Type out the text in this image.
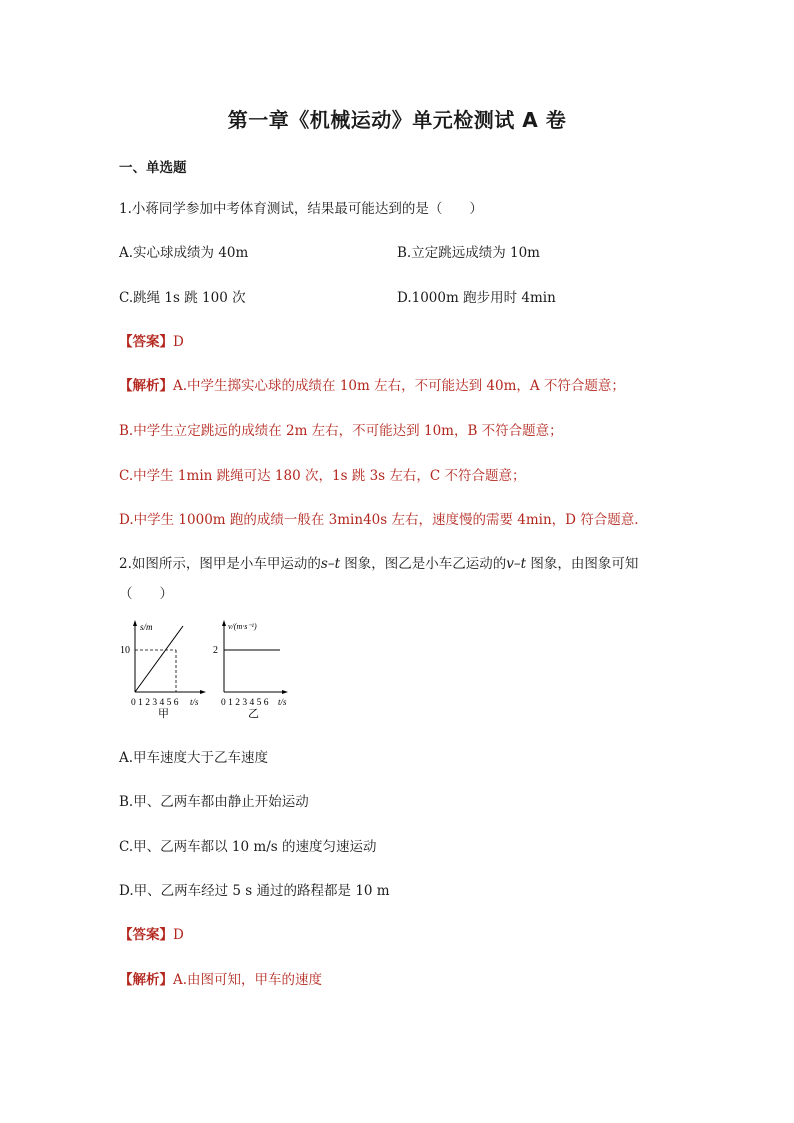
第一章《机械运动》单元检测试 A 卷
一、单选题
1.小蒋同学参加中考体育测试，结果最可能达到的是（　　）
A.实心球成绩为 40m	B.立定跳远成绩为 10m
C.跳绳 1s 跳 100 次	D.1000m 跑步用时 4min
【答案】D
【解析】A.中学生掷实心球的成绩在 10m 左右，不可能达到 40m，A 不符合题意；
B.中学生立定跳远的成绩在 2m 左右，不可能达到 10m，B 不符合题意；
C.中学生 1min 跳绳可达 180 次，1s 跳 3s 左右，C 不符合题意；
D.中学生 1000m 跑的成绩一般在 3min40s 左右，速度慢的需要 4min，D 符合题意.
2.如图所示，图甲是小车甲运动的s–t 图象，图乙是小车乙运动的v–t 图象，由图象可知
（　　）
s/m
10
0 1 2 3 4 5 6 t/s
甲
v/(m·s⁻¹)
2
0 1 2 3 4 5 6 t/s
乙
A.甲车速度大于乙车速度
B.甲、乙两车都由静止开始运动
C.甲、乙两车都以 10 m/s 的速度匀速运动
D.甲、乙两车经过 5 s 通过的路程都是 10 m
【答案】D
【解析】A.由图可知，甲车的速度
